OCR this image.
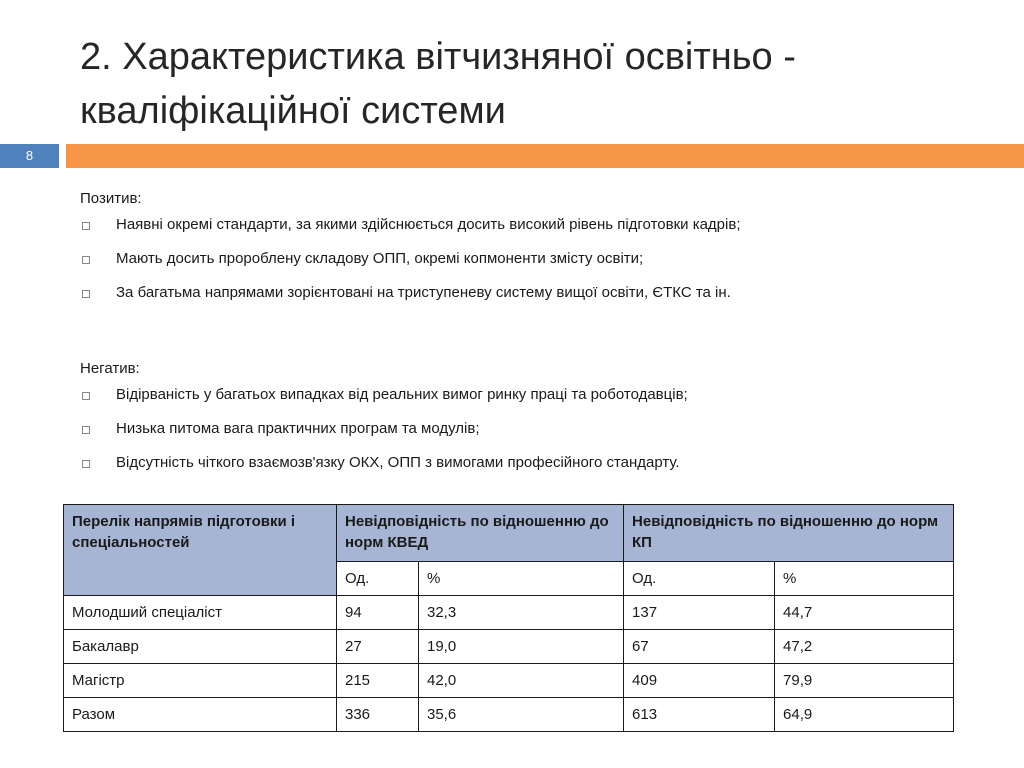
2. Характеристика вітчизняної освітньо -
кваліфікаційної системи
8
Позитив:
Наявні окремі стандарти, за якими здійснюється досить високий рівень підготовки кадрів;
Мають досить пророблену складову ОПП, окремі копмоненти змісту освіти;
За багатьма напрямами зорієнтовані на триступеневу систему вищої освіти, ЄТКС та ін.
Негатив:
Відірваність у багатьох випадках від реальних вимог ринку праці та роботодавців;
Низька питома вага практичних програм та модулів;
Відсутність чіткого взаємозв'язку ОКХ, ОПП з вимогами професійного стандарту.
Перелік напрямів підготовки і спеціальностей	Невідповідність по відношенню до норм КВЕД		Невідповідність по відношенню до норм КП	
	Од.	%	Од.	%
Молодший спеціаліст	94	32,3	137	44,7
Бакалавр	27	19,0	67	47,2
Магістр	215	42,0	409	79,9
Разом	336	35,6	613	64,9
